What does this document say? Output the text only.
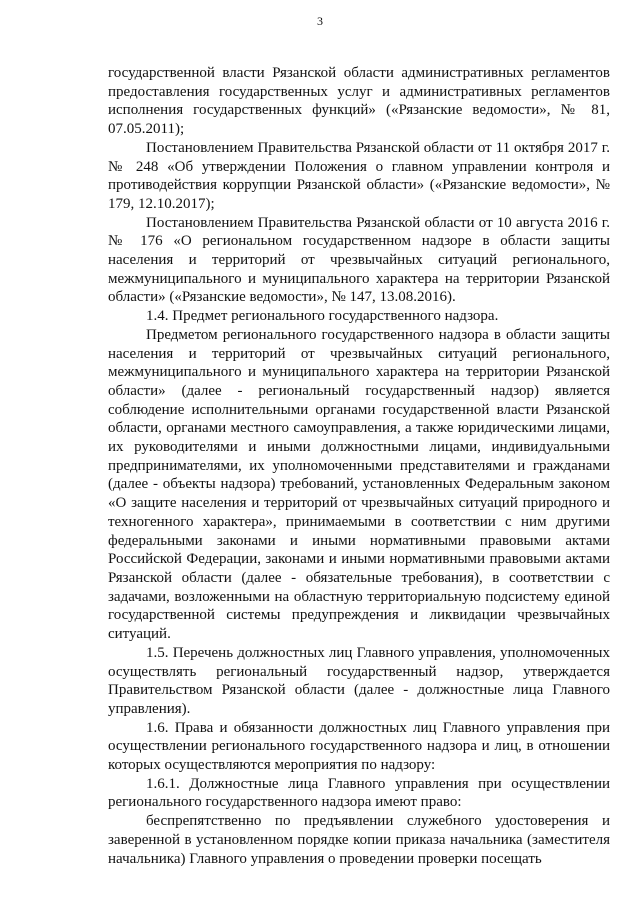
3

государственной власти Рязанской области административных регламентов предоставления государственных услуг и административных регламентов исполнения государственных функций» («Рязанские ведомости», № 81, 07.05.2011);

Постановлением Правительства Рязанской области от 11 октября 2017 г. № 248 «Об утверждении Положения о главном управлении контроля и противодействия коррупции Рязанской области» («Рязанские ведомости», № 179, 12.10.2017);

Постановлением Правительства Рязанской области от 10 августа 2016 г. № 176 «О региональном государственном надзоре в области защиты населения и территорий от чрезвычайных ситуаций регионального, межмуниципального и муниципального характера на территории Рязанской области» («Рязанские ведомости», № 147, 13.08.2016).

1.4. Предмет регионального государственного надзора.

Предметом регионального государственного надзора в области защиты населения и территорий от чрезвычайных ситуаций регионального, межмуниципального и муниципального характера на территории Рязанской области» (далее - региональный государственный надзор) является соблюдение исполнительными органами государственной власти Рязанской области, органами местного самоуправления, а также юридическими лицами, их руководителями и иными должностными лицами, индивидуальными предпринимателями, их уполномоченными представителями и гражданами (далее - объекты надзора) требований, установленных Федеральным законом «О защите населения и территорий от чрезвычайных ситуаций природного и техногенного характера», принимаемыми в соответствии с ним другими федеральными законами и иными нормативными правовыми актами Российской Федерации, законами и иными нормативными правовыми актами Рязанской области (далее - обязательные требования), в соответствии с задачами, возложенными на областную территориальную подсистему единой государственной системы предупреждения и ликвидации чрезвычайных ситуаций.

1.5. Перечень должностных лиц Главного управления, уполномоченных осуществлять региональный государственный надзор, утверждается Правительством Рязанской области (далее - должностные лица Главного управления).

1.6. Права и обязанности должностных лиц Главного управления при осуществлении регионального государственного надзора и лиц, в отношении которых осуществляются мероприятия по надзору:

1.6.1. Должностные лица Главного управления при осуществлении регионального государственного надзора имеют право:

беспрепятственно по предъявлении служебного удостоверения и заверенной в установленном порядке копии приказа начальника (заместителя начальника) Главного управления о проведении проверки посещать
